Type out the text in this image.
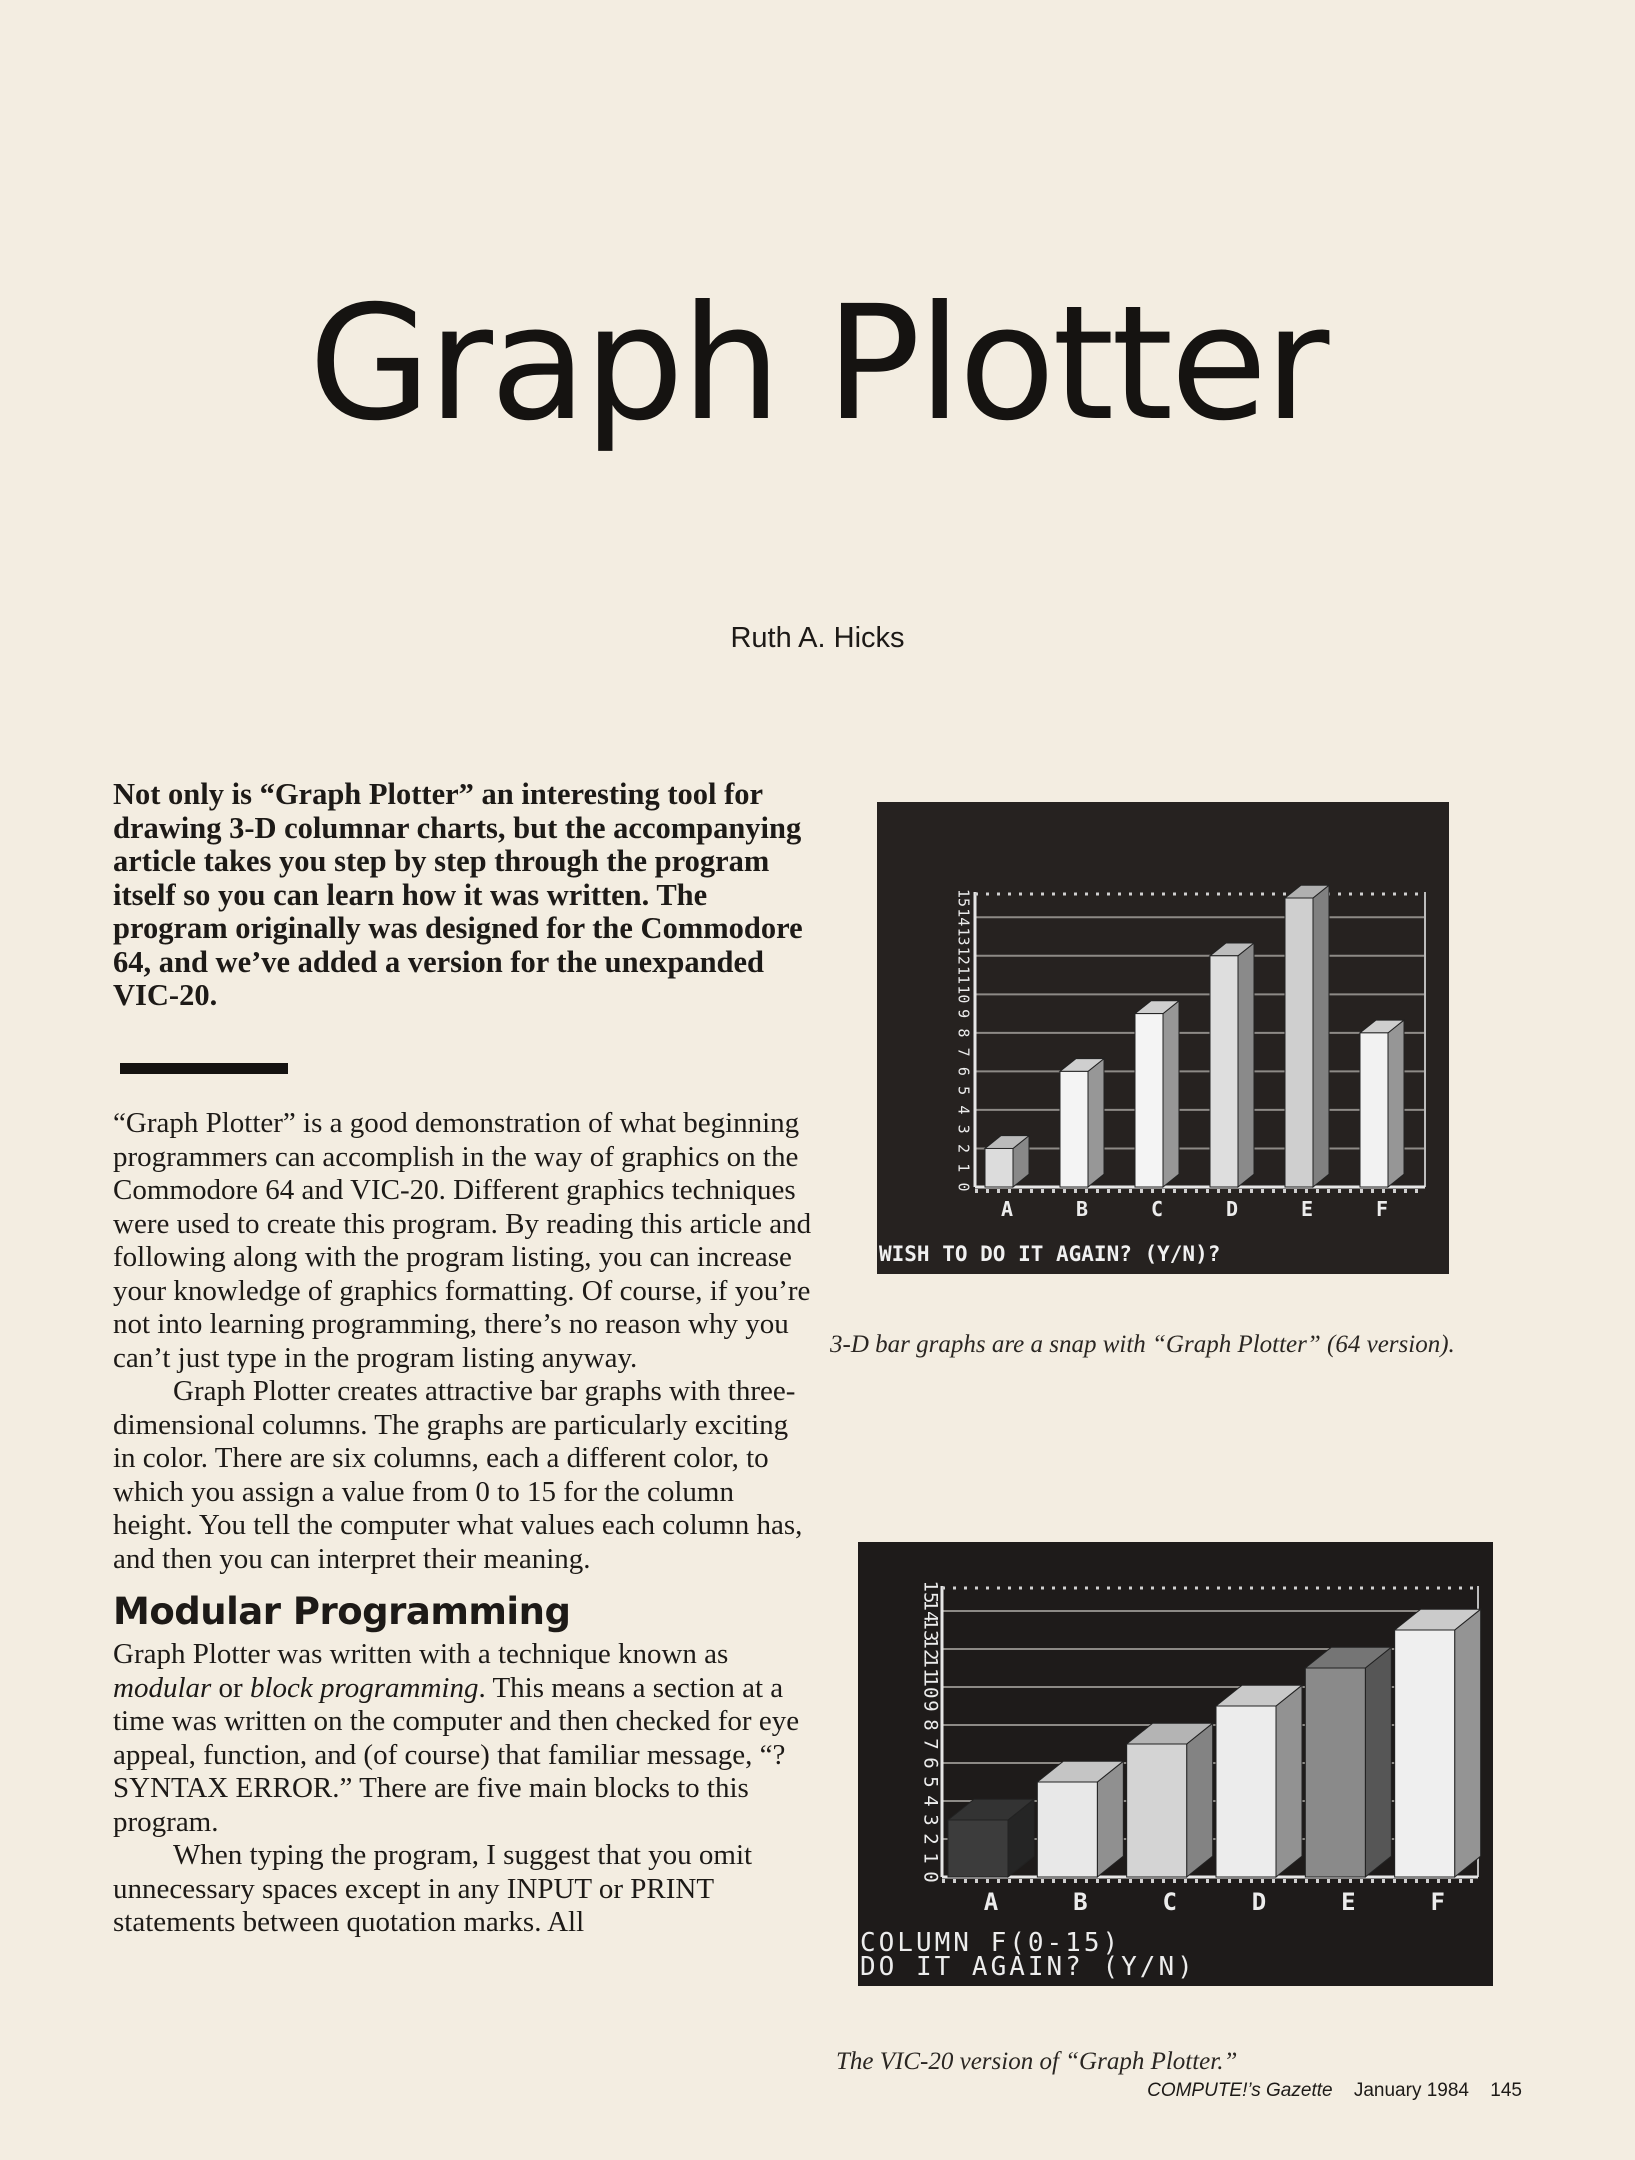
Graph Plotter

Ruth A. Hicks

Not only is “Graph Plotter” an interesting tool for drawing 3-D columnar charts, but the accompanying article takes you step by step through the program itself so you can learn how it was written. The program originally was designed for the Commodore 64, and we’ve added a version for the unexpanded VIC-20.

“Graph Plotter” is a good demonstration of what beginning programmers can accomplish in the way of graphics on the Commodore 64 and VIC-20. Different graphics techniques were used to create this program. By reading this article and following along with the program listing, you can increase your knowledge of graphics formatting. Of course, if you’re not into learning programming, there’s no reason why you can’t just type in the program listing anyway.

Graph Plotter creates attractive bar graphs with three-dimensional columns. The graphs are particularly exciting in color. There are six columns, each a different color, to which you assign a value from 0 to 15 for the column height. You tell the computer what values each column has, and then you can interpret their meaning.

Modular Programming

Graph Plotter was written with a technique known as modular or block programming. This means a section at a time was written on the computer and then checked for eye appeal, function, and (of course) that familiar message, “?SYNTAX ERROR.” There are five main blocks to this program.

When typing the program, I suggest that you omit unnecessary spaces except in any INPUT or PRINT statements between quotation marks. All

0
1
2
3
4
5
6
7
8
9
10
11
12
13
14
15
A	B	C	D	E	F
WISH TO DO IT AGAIN? (Y/N)?
3-D bar graphs are a snap with “Graph Plotter” (64 version).
0
1
2
3
4
5
6
7
8
9
10
11
12
13
14
15
A	B	C	D	E	F
COLUMN F(0-15)
DO IT AGAIN? (Y/N)
The VIC-20 version of “Graph Plotter.”
COMPUTE!’s Gazette January 1984 145
